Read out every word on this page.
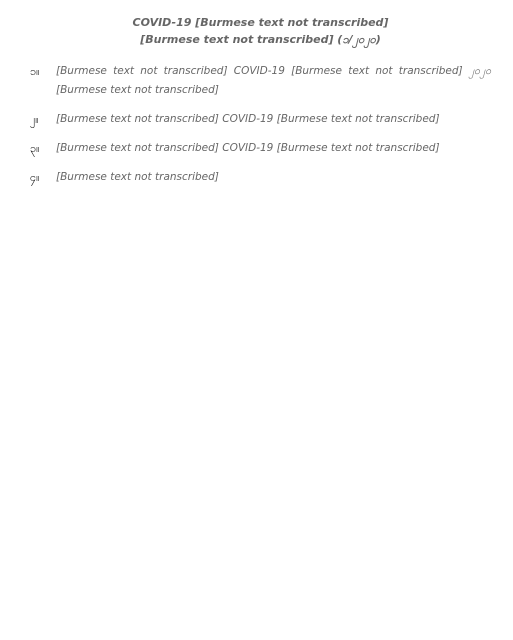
COVID-19 [Burmese text not transcribed]
[Burmese text not transcribed] (၁/၂၀၂၀)
၁။	[Burmese text not transcribed] COVID-19 [Burmese text not transcribed] ၂၀၂၀ [Burmese text not transcribed]
၂။	[Burmese text not transcribed] COVID-19 [Burmese text not transcribed]
၃။	[Burmese text not transcribed] COVID-19 [Burmese text not transcribed]
၄။	[Burmese text not transcribed]
